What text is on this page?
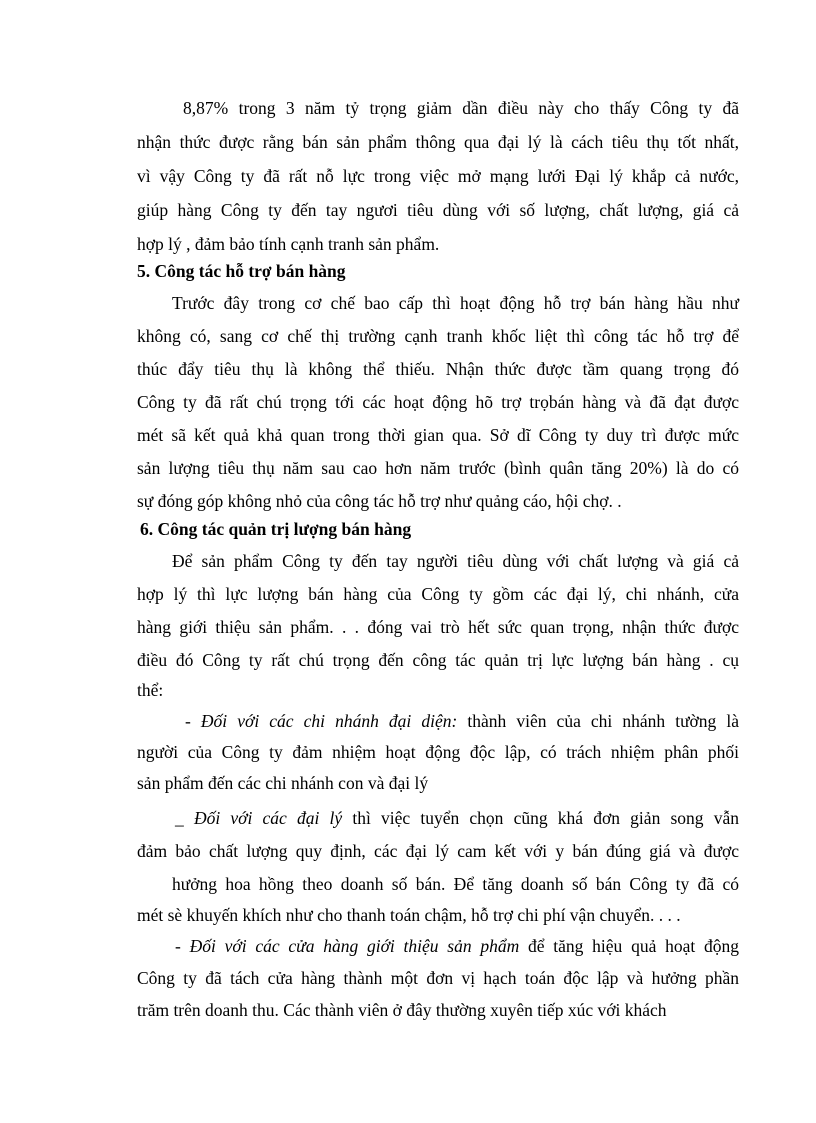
8,87% trong 3 năm tỷ trọng giảm dần điều này cho thấy Công ty đã
nhận thức được rằng bán sản phẩm thông qua đại lý là cách tiêu thụ tốt nhất,
vì vậy Công ty đã rất nỗ lực trong việc mở mạng lưới Đại lý khắp cả nước,
giúp hàng Công ty đến tay ngươi tiêu dùng với số lượng, chất lượng, giá cả
hợp lý , đảm bảo tính cạnh tranh sản phẩm.
5. Công tác hỗ trợ bán hàng
Trước đây trong cơ chế bao cấp thì hoạt động hỗ trợ bán hàng hầu như
không có, sang cơ chế thị trường cạnh tranh khốc liệt thì công tác hỗ trợ để
thúc đẩy tiêu thụ là không thể thiếu. Nhận thức được tầm quang trọng đó
Công ty đã rất chú trọng tới các hoạt động hõ trợ trọbán hàng và đã đạt được
mét sã kết quả khả quan trong thời gian qua. Sở dĩ Công ty duy trì được mức
sản lượng tiêu thụ năm sau cao hơn năm trước (bình quân tăng 20%) là do có
sự đóng góp không nhỏ của công tác hỗ trợ như quảng cáo, hội chợ. .
6. Công tác quản trị lượng bán hàng
Để sản phẩm Công ty đến tay người tiêu dùng với chất lượng và giá cả
hợp lý thì lực lượng bán hàng của Công ty gồm các đại lý, chi nhánh, cửa
hàng giới thiệu sản phẩm. . . đóng vai trò hết sức quan trọng, nhận thức được
điều đó Công ty rất chú trọng đến công tác quản trị lực lượng bán hàng . cụ
thể:
- Đối với các chi nhánh đại diện: thành viên của chi nhánh tường là
người của Công ty đảm nhiệm hoạt động độc lập, có trách nhiệm phân phối
sản phẩm đến các chi nhánh con và đại lý
_ Đối với các đại lý thì việc tuyển chọn cũng khá đơn giản song vẫn
đảm bảo chất lượng quy định, các đại lý cam kết với y bán đúng giá và được
hưởng hoa hồng theo doanh số bán. Để tăng doanh số bán Công ty đã có
mét sè khuyến khích như cho thanh toán chậm, hỗ trợ chi phí vận chuyển. . . .
- Đối với các cửa hàng giới thiệu sản phẩm để tăng hiệu quả hoạt động
Công ty đã tách cửa hàng thành một đơn vị hạch toán độc lập và hưởng phần
trăm trên doanh thu. Các thành viên ở đây thường xuyên tiếp xúc với khách
